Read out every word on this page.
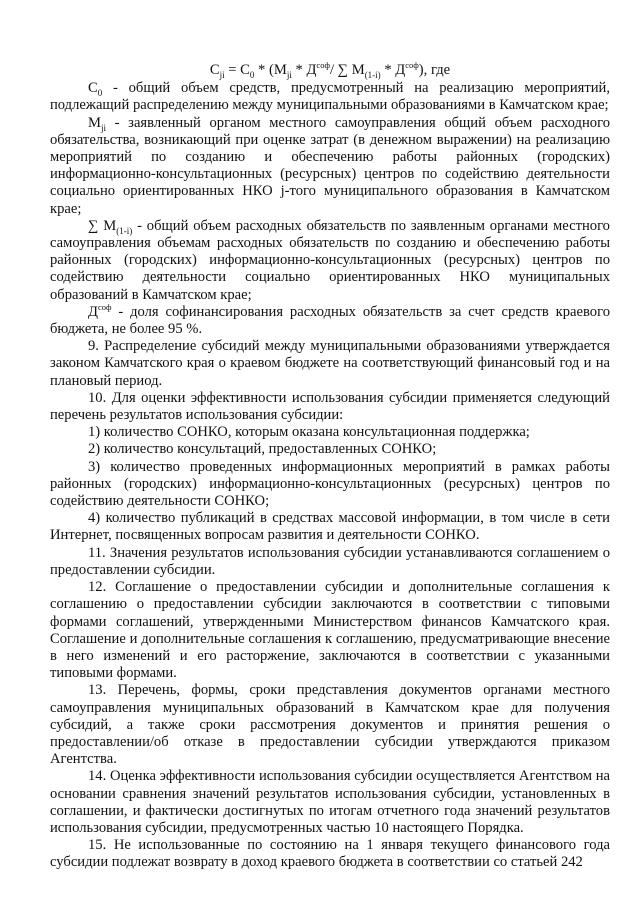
$C_{ji} = C_0 * (M_{ji} * Д^{соф}/$ ∑ $M_{(1-i)} * Д^{соф}$), где

$C_0$ - общий объем средств, предусмотренный на реализацию мероприятий, подлежащий распределению между муниципальными образованиями в Камчатском крае;

$M_{ji}$ - заявленный органом местного самоуправления общий объем расходного обязательства, возникающий при оценке затрат (в денежном выражении) на реализацию мероприятий по созданию и обеспечению работы районных (городских) информационно-консультационных (ресурсных) центров по содействию деятельности социально ориентированных НКО j-того муниципального образования в Камчатском крае;

∑ $M_{(1-i)}$ - общий объем расходных обязательств по заявленным органами местного самоуправления объемам расходных обязательств по созданию и обеспечению работы районных (городских) информационно-консультационных (ресурсных) центров по содействию деятельности социально ориентированных НКО муниципальных образований в Камчатском крае;

$Д^{соф}$ - доля софинансирования расходных обязательств за счет средств краевого бюджета, не более 95 %.

9. Распределение субсидий между муниципальными образованиями утверждается законом Камчатского края о краевом бюджете на соответствующий финансовый год и на плановый период.

10. Для оценки эффективности использования субсидии применяется следующий перечень результатов использования субсидии:

1) количество СОНКО, которым оказана консультационная поддержка;

2) количество консультаций, предоставленных СОНКО;

3) количество проведенных информационных мероприятий в рамках работы районных (городских) информационно-консультационных (ресурсных) центров по содействию деятельности СОНКО;

4) количество публикаций в средствах массовой информации, в том числе в сети Интернет, посвященных вопросам развития и деятельности СОНКО.

11. Значения результатов использования субсидии устанавливаются соглашением о предоставлении субсидии.

12. Соглашение о предоставлении субсидии и дополнительные соглашения к соглашению о предоставлении субсидии заключаются в соответствии с типовыми формами соглашений, утвержденными Министерством финансов Камчатского края. Соглашение и дополнительные соглашения к соглашению, предусматривающие внесение в него изменений и его расторжение, заключаются в соответствии с указанными типовыми формами.

13. Перечень, формы, сроки представления документов органами местного самоуправления муниципальных образований в Камчатском крае для получения субсидий, а также сроки рассмотрения документов и принятия решения о предоставлении/об отказе в предоставлении субсидии утверждаются приказом Агентства.

14. Оценка эффективности использования субсидии осуществляется Агентством на основании сравнения значений результатов использования субсидии, установленных в соглашении, и фактически достигнутых по итогам отчетного года значений результатов использования субсидии, предусмотренных частью 10 настоящего Порядка.

15. Не использованные по состоянию на 1 января текущего финансового года субсидии подлежат возврату в доход краевого бюджета в соответствии со статьей 242
